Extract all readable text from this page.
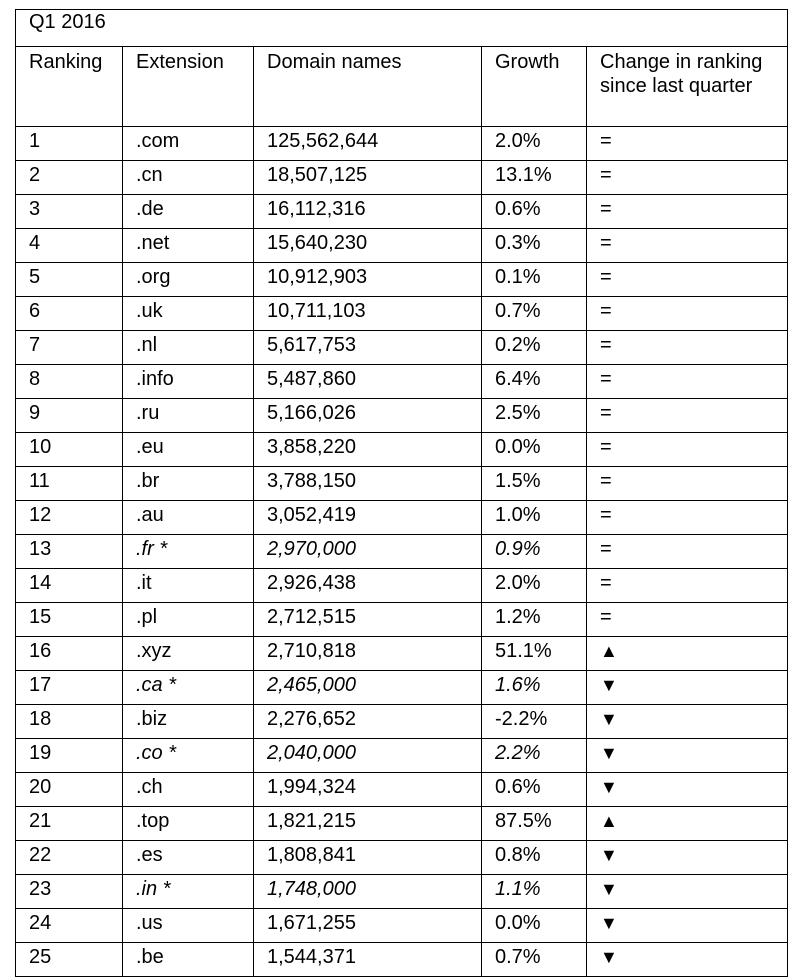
Q1 2016				
Ranking	Extension	Domain names	Growth	Change in ranking since last quarter
1	.com	125,562,644	2.0%	=
2	.cn	18,507,125	13.1%	=
3	.de	16,112,316	0.6%	=
4	.net	15,640,230	0.3%	=
5	.org	10,912,903	0.1%	=
6	.uk	10,711,103	0.7%	=
7	.nl	5,617,753	0.2%	=
8	.info	5,487,860	6.4%	=
9	.ru	5,166,026	2.5%	=
10	.eu	3,858,220	0.0%	=
11	.br	3,788,150	1.5%	=
12	.au	3,052,419	1.0%	=
13	.fr *	2,970,000	0.9%	=
14	.it	2,926,438	2.0%	=
15	.pl	2,712,515	1.2%	=
16	.xyz	2,710,818	51.1%	▲
17	.ca *	2,465,000	1.6%	▼
18	.biz	2,276,652	-2.2%	▼
19	.co *	2,040,000	2.2%	▼
20	.ch	1,994,324	0.6%	▼
21	.top	1,821,215	87.5%	▲
22	.es	1,808,841	0.8%	▼
23	.in *	1,748,000	1.1%	▼
24	.us	1,671,255	0.0%	▼
25	.be	1,544,371	0.7%	▼
